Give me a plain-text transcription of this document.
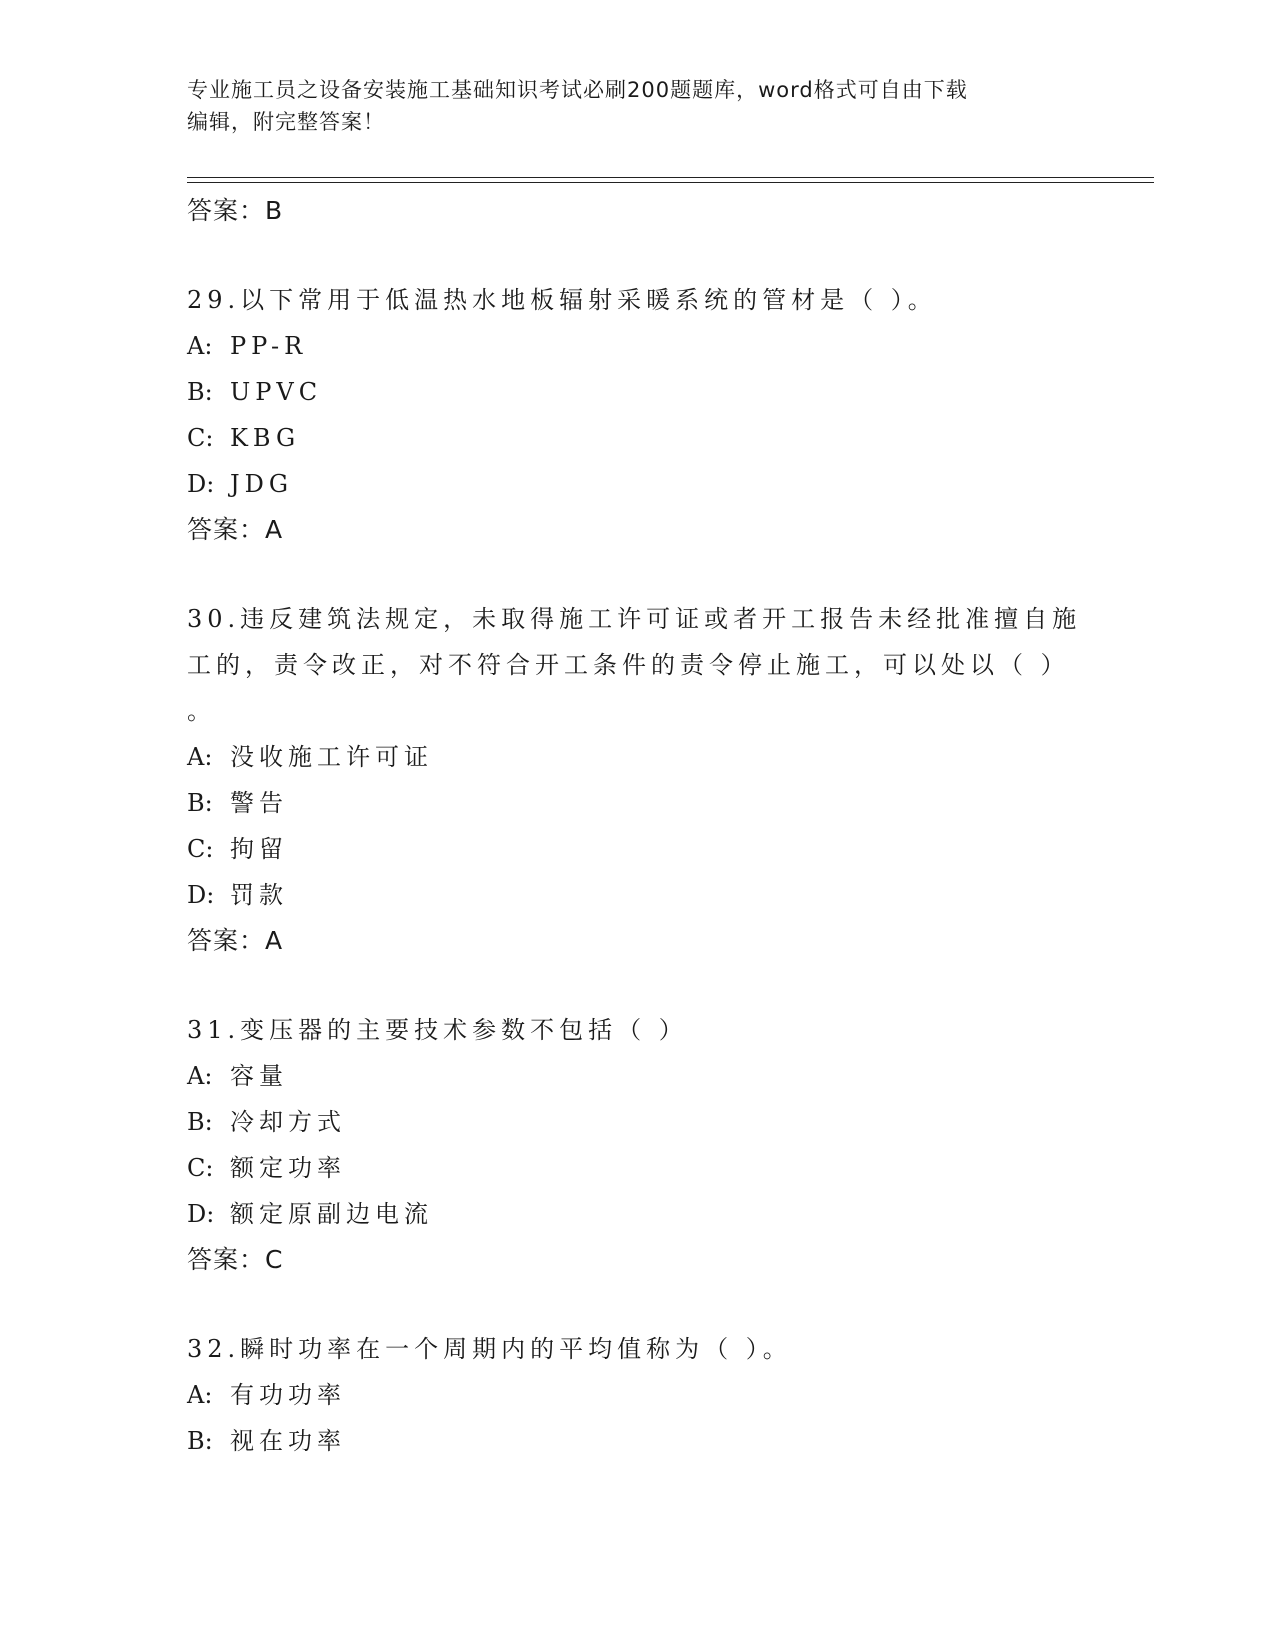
专业施工员之设备安装施工基础知识考试必刷200题题库，word格式可自由下载
编辑，附完整答案！
答案：B
29.以下常用于低温热水地板辐射采暖系统的管材是（ ）。
A: PP-R
B: UPVC
C: KBG
D: JDG
答案：A
30.违反建筑法规定，未取得施工许可证或者开工报告未经批准擅自施
工的，责令改正，对不符合开工条件的责令停止施工，可以处以（ ）
。
A: 没收施工许可证
B: 警告
C: 拘留
D: 罚款
答案：A
31.变压器的主要技术参数不包括（ ）
A: 容量
B: 冷却方式
C: 额定功率
D: 额定原副边电流
答案：C
32.瞬时功率在一个周期内的平均值称为（ ）。
A: 有功功率
B: 视在功率
